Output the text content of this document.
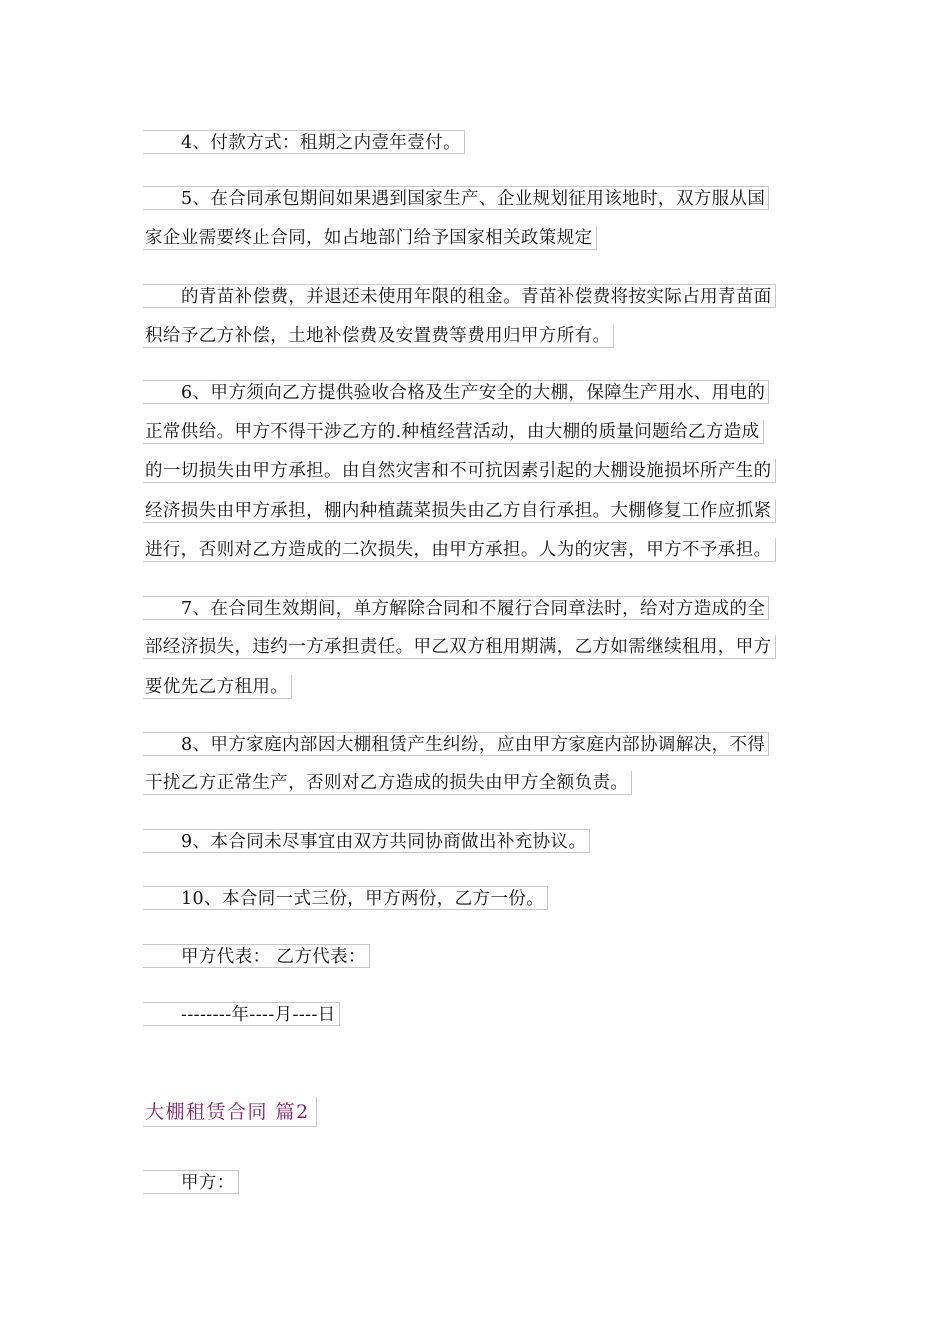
4、付款方式：租期之内壹年壹付。
5、在合同承包期间如果遇到国家生产、企业规划征用该地时，双方服从国
家企业需要终止合同，如占地部门给予国家相关政策规定
的青苗补偿费，并退还未使用年限的租金。青苗补偿费将按实际占用青苗面
积给予乙方补偿，土地补偿费及安置费等费用归甲方所有。
6、甲方须向乙方提供验收合格及生产安全的大棚，保障生产用水、用电的
正常供给。甲方不得干涉乙方的.种植经营活动，由大棚的质量问题给乙方造成
的一切损失由甲方承担。由自然灾害和不可抗因素引起的大棚设施损坏所产生的
经济损失由甲方承担，棚内种植蔬菜损失由乙方自行承担。大棚修复工作应抓紧
进行，否则对乙方造成的二次损失，由甲方承担。人为的灾害，甲方不予承担。
7、在合同生效期间，单方解除合同和不履行合同章法时，给对方造成的全
部经济损失，违约一方承担责任。甲乙双方租用期满，乙方如需继续租用，甲方
要优先乙方租用。
8、甲方家庭内部因大棚租赁产生纠纷，应由甲方家庭内部协调解决，不得
干扰乙方正常生产，否则对乙方造成的损失由甲方全额负责。
9、本合同未尽事宜由双方共同协商做出补充协议。
10、本合同一式三份，甲方两份，乙方一份。
甲方代表： 乙方代表：
--------年----月----日
大棚租赁合同 篇2
甲方：
